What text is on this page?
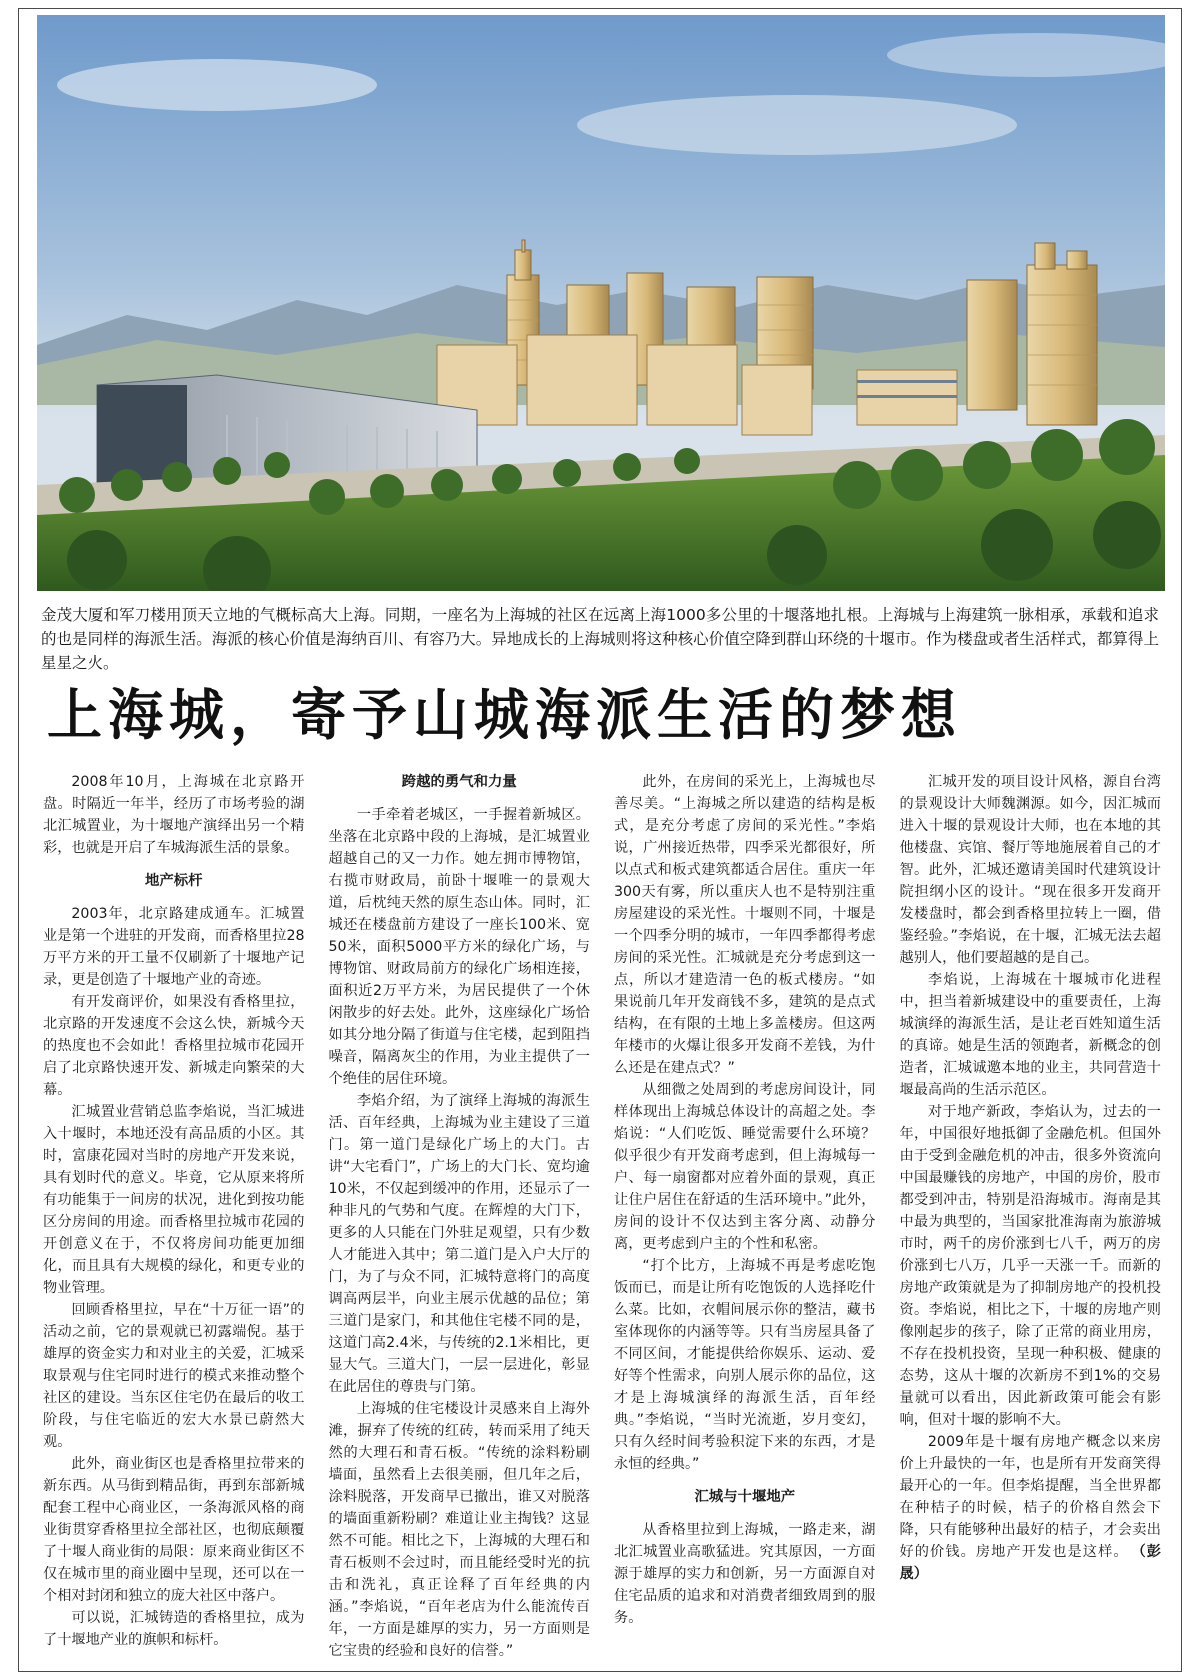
金茂大厦和军刀楼用顶天立地的气概标高大上海。同期，一座名为上海城的社区在远离上海1000多公里的十堰落地扎根。上海城与上海建筑一脉相承，承载和追求的也是同样的海派生活。海派的核心价值是海纳百川、有容乃大。异地成长的上海城则将这种核心价值空降到群山环绕的十堰市。作为楼盘或者生活样式，都算得上星星之火。

上海城，寄予山城海派生活的梦想

2008年10月，上海城在北京路开盘。时隔近一年半，经历了市场考验的湖北汇城置业，为十堰地产演绎出另一个精彩，也就是开启了车城海派生活的景象。

地产标杆

2003年，北京路建成通车。汇城置业是第一个进驻的开发商，而香格里拉28万平方米的开工量不仅刷新了十堰地产记录，更是创造了十堰地产业的奇迹。

有开发商评价，如果没有香格里拉，北京路的开发速度不会这么快，新城今天的热度也不会如此！香格里拉城市花园开启了北京路快速开发、新城走向繁荣的大幕。

汇城置业营销总监李焰说，当汇城进入十堰时，本地还没有高品质的小区。其时，富康花园对当时的房地产开发来说，具有划时代的意义。毕竟，它从原来将所有功能集于一间房的状况，进化到按功能区分房间的用途。而香格里拉城市花园的开创意义在于，不仅将房间功能更加细化，而且具有大规模的绿化，和更专业的物业管理。

回顾香格里拉，早在“十万征一语”的活动之前，它的景观就已初露端倪。基于雄厚的资金实力和对业主的关爱，汇城采取景观与住宅同时进行的模式来推动整个社区的建设。当东区住宅仍在最后的收工阶段，与住宅临近的宏大水景已蔚然大观。

此外，商业街区也是香格里拉带来的新东西。从马街到精品街，再到东部新城配套工程中心商业区，一条海派风格的商业街贯穿香格里拉全部社区，也彻底颠覆了十堰人商业街的局限：原来商业街区不仅在城市里的商业圈中呈现，还可以在一个相对封闭和独立的庞大社区中落户。

可以说，汇城铸造的香格里拉，成为了十堰地产业的旗帜和标杆。

跨越的勇气和力量

一手牵着老城区，一手握着新城区。坐落在北京路中段的上海城，是汇城置业超越自己的又一力作。她左拥市博物馆，右揽市财政局，前卧十堰唯一的景观大道，后枕纯天然的原生态山体。同时，汇城还在楼盘前方建设了一座长100米、宽50米，面积5000平方米的绿化广场，与博物馆、财政局前方的绿化广场相连接，面积近2万平方米，为居民提供了一个休闲散步的好去处。此外，这座绿化广场恰如其分地分隔了街道与住宅楼，起到阻挡噪音，隔离灰尘的作用，为业主提供了一个绝佳的居住环境。

李焰介绍，为了演绎上海城的海派生活、百年经典，上海城为业主建设了三道门。第一道门是绿化广场上的大门。古讲“大宅看门”，广场上的大门长、宽均逾10米，不仅起到缓冲的作用，还显示了一种非凡的气势和气度。在辉煌的大门下，更多的人只能在门外驻足观望，只有少数人才能进入其中；第二道门是入户大厅的门，为了与众不同，汇城特意将门的高度调高两层半，向业主展示优越的品位；第三道门是家门，和其他住宅楼不同的是，这道门高2.4米，与传统的2.1米相比，更显大气。三道大门，一层一层进化，彰显在此居住的尊贵与门第。

上海城的住宅楼设计灵感来自上海外滩，摒弃了传统的红砖，转而采用了纯天然的大理石和青石板。“传统的涂料粉刷墙面，虽然看上去很美丽，但几年之后，涂料脱落，开发商早已撤出，谁又对脱落的墙面重新粉刷？难道让业主掏钱？这显然不可能。相比之下，上海城的大理石和青石板则不会过时，而且能经受时光的抗击和洗礼，真正诠释了百年经典的内涵。”李焰说，“百年老店为什么能流传百年，一方面是雄厚的实力，另一方面则是它宝贵的经验和良好的信誉。”

此外，在房间的采光上，上海城也尽善尽美。“上海城之所以建造的结构是板式，是充分考虑了房间的采光性。”李焰说，广州接近热带，四季采光都很好，所以点式和板式建筑都适合居住。重庆一年300天有雾，所以重庆人也不是特别注重房屋建设的采光性。十堰则不同，十堰是一个四季分明的城市，一年四季都得考虑房间的采光性。汇城就是充分考虑到这一点，所以才建造清一色的板式楼房。“如果说前几年开发商钱不多，建筑的是点式结构，在有限的土地上多盖楼房。但这两年楼市的火爆让很多开发商不差钱，为什么还是在建点式？”

从细微之处周到的考虑房间设计，同样体现出上海城总体设计的高超之处。李焰说：“人们吃饭、睡觉需要什么环境？似乎很少有开发商考虑到，但上海城每一户、每一扇窗都对应着外面的景观，真正让住户居住在舒适的生活环境中。”此外，房间的设计不仅达到主客分离、动静分离，更考虑到户主的个性和私密。

“打个比方，上海城不再是考虑吃饱饭而已，而是让所有吃饱饭的人选择吃什么菜。比如，衣帽间展示你的整洁，藏书室体现你的内涵等等。只有当房屋具备了不同区间，才能提供给你娱乐、运动、爱好等个性需求，向别人展示你的品位，这才是上海城演绎的海派生活，百年经典。”李焰说，“当时光流逝，岁月变幻，只有久经时间考验积淀下来的东西，才是永恒的经典。”

汇城与十堰地产

从香格里拉到上海城，一路走来，湖北汇城置业高歌猛进。究其原因，一方面源于雄厚的实力和创新，另一方面源自对住宅品质的追求和对消费者细致周到的服务。

汇城开发的项目设计风格，源自台湾的景观设计大师魏渊源。如今，因汇城而进入十堰的景观设计大师，也在本地的其他楼盘、宾馆、餐厅等地施展着自己的才智。此外，汇城还邀请美国时代建筑设计院担纲小区的设计。“现在很多开发商开发楼盘时，都会到香格里拉转上一圈，借鉴经验。”李焰说，在十堰，汇城无法去超越别人，他们要超越的是自己。

李焰说，上海城在十堰城市化进程中，担当着新城建设中的重要责任，上海城演绎的海派生活，是让老百姓知道生活的真谛。她是生活的领跑者，新概念的创造者，汇城诚邀本地的业主，共同营造十堰最高尚的生活示范区。

对于地产新政，李焰认为，过去的一年，中国很好地抵御了金融危机。但国外由于受到金融危机的冲击，很多外资流向中国最赚钱的房地产，中国的房价，股市都受到冲击，特别是沿海城市。海南是其中最为典型的，当国家批准海南为旅游城市时，两千的房价涨到七八千，两万的房价涨到七八万，几乎一天涨一千。而新的房地产政策就是为了抑制房地产的投机投资。李焰说，相比之下，十堰的房地产则像刚起步的孩子，除了正常的商业用房，不存在投机投资，呈现一种积极、健康的态势，这从十堰的次新房不到1%的交易量就可以看出，因此新政策可能会有影响，但对十堰的影响不大。

2009年是十堰有房地产概念以来房价上升最快的一年，也是所有开发商笑得最开心的一年。但李焰提醒，当全世界都在种桔子的时候，桔子的价格自然会下降，只有能够种出最好的桔子，才会卖出好的价钱。房地产开发也是这样。 （彭晟）
